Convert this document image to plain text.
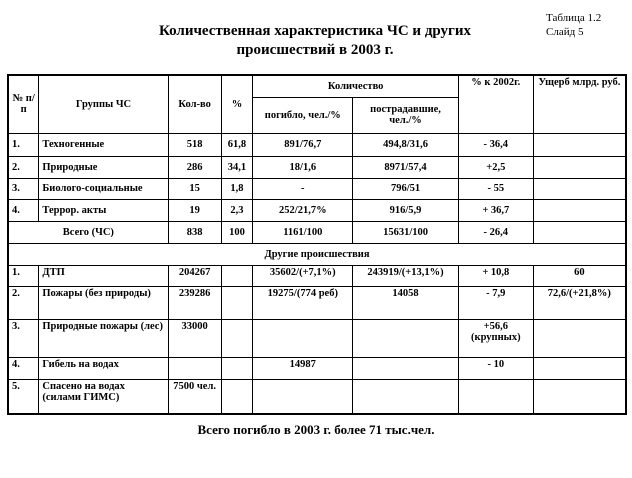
Таблица 1.2
Слайд 5
Количественная характеристика ЧС и других
происшествий в 2003 г.
№ п/п	Группы ЧС	Кол-во	%	Количество		% к 2002г.	Ущерб млрд. руб.
				погибло, чел./%	пострадавшие, чел./%		
1.	Техногенные	518	61,8	891/76,7	494,8/31,6	- 36,4	
2.	Природные	286	34,1	18/1,6	8971/57,4	+2,5	
3.	Биолого-социальные	15	1,8	-	796/51	- 55	
4.	Террор. акты	19	2,3	252/21,7%	916/5,9	+ 36,7	
Всего (ЧС)		838	100	1161/100	15631/100	- 26,4	
Другие происшествия							
1.	ДТП	204267		35602/(+7,1%)	243919/(+13,1%)	+ 10,8	60
2.	Пожары (без природы)	239286		19275/(774 реб)	14058	- 7,9	72,6/(+21,8%)
3.	Природные пожары (лес)	33000				+56,6 (крупных)	
4.	Гибель на водах			14987		- 10	
5.	Спасено на водах (силами ГИМС)	7500 чел.					
Всего погибло в 2003 г. более 71 тыс.чел.
